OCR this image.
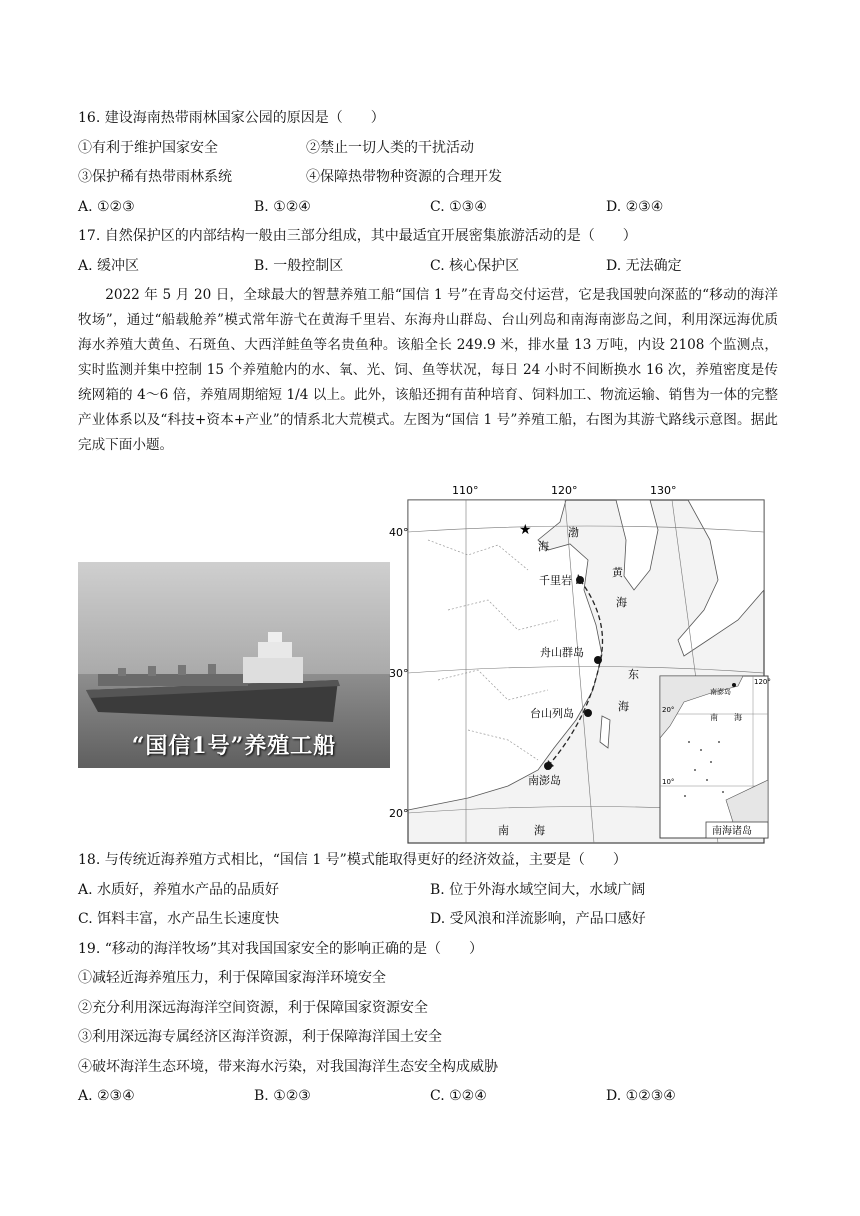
16. 建设海南热带雨林国家公园的原因是（　　）
①有利于维护国家安全	②禁止一切人类的干扰活动
③保护稀有热带雨林系统	④保障热带物种资源的合理开发
A. ①②③	B. ①②④	C. ①③④	D. ②③④
17. 自然保护区的内部结构一般由三部分组成，其中最适宜开展密集旅游活动的是（　　）
A. 缓冲区	B. 一般控制区	C. 核心保护区	D. 无法确定

2022 年 5 月 20 日，全球最大的智慧养殖工船“国信 1 号”在青岛交付运营，它是我国驶向深蓝的“移动的海洋牧场”，通过“船载舱养”模式常年游弋在黄海千里岩、东海舟山群岛、台山列岛和南海南澎岛之间，利用深远海优质海水养殖大黄鱼、石斑鱼、大西洋鲑鱼等名贵鱼种。该船全长 249.9 米，排水量 13 万吨，内设 2108 个监测点，实时监测并集中控制 15 个养殖舱内的水、氧、光、饲、鱼等状况，每日 24 小时不间断换水 16 次，养殖密度是传统网箱的 4～6 倍，养殖周期缩短 1/4 以上。此外，该船还拥有苗种培育、饲料加工、物流运输、销售为一体的完整产业体系以及“科技+资本+产业”的情系北大荒模式。左图为“国信 1 号”养殖工船，右图为其游弋路线示意图。据此完成下面小题。

“国信1号”养殖工船
110°	120°	130°
40°
30°
20°
★	渤
海
黄
海
东
海
南 海
千里岩
舟山群岛
台山列岛
南澎岛
南澎岛
120°
20°
10°
南 海
南海诸岛
18. 与传统近海养殖方式相比，“国信 1 号”模式能取得更好的经济效益，主要是（　　）
A. 水质好，养殖水产品的品质好	B. 位于外海水域空间大，水域广阔
C. 饵料丰富，水产品生长速度快	D. 受风浪和洋流影响，产品口感好
19. “移动的海洋牧场”其对我国国家安全的影响正确的是（　　）
①减轻近海养殖压力，利于保障国家海洋环境安全
②充分利用深远海海洋空间资源，利于保障国家资源安全
③利用深远海专属经济区海洋资源，利于保障海洋国土安全
④破坏海洋生态环境，带来海水污染，对我国海洋生态安全构成威胁
A. ②③④	B. ①②③	C. ①②④	D. ①②③④
